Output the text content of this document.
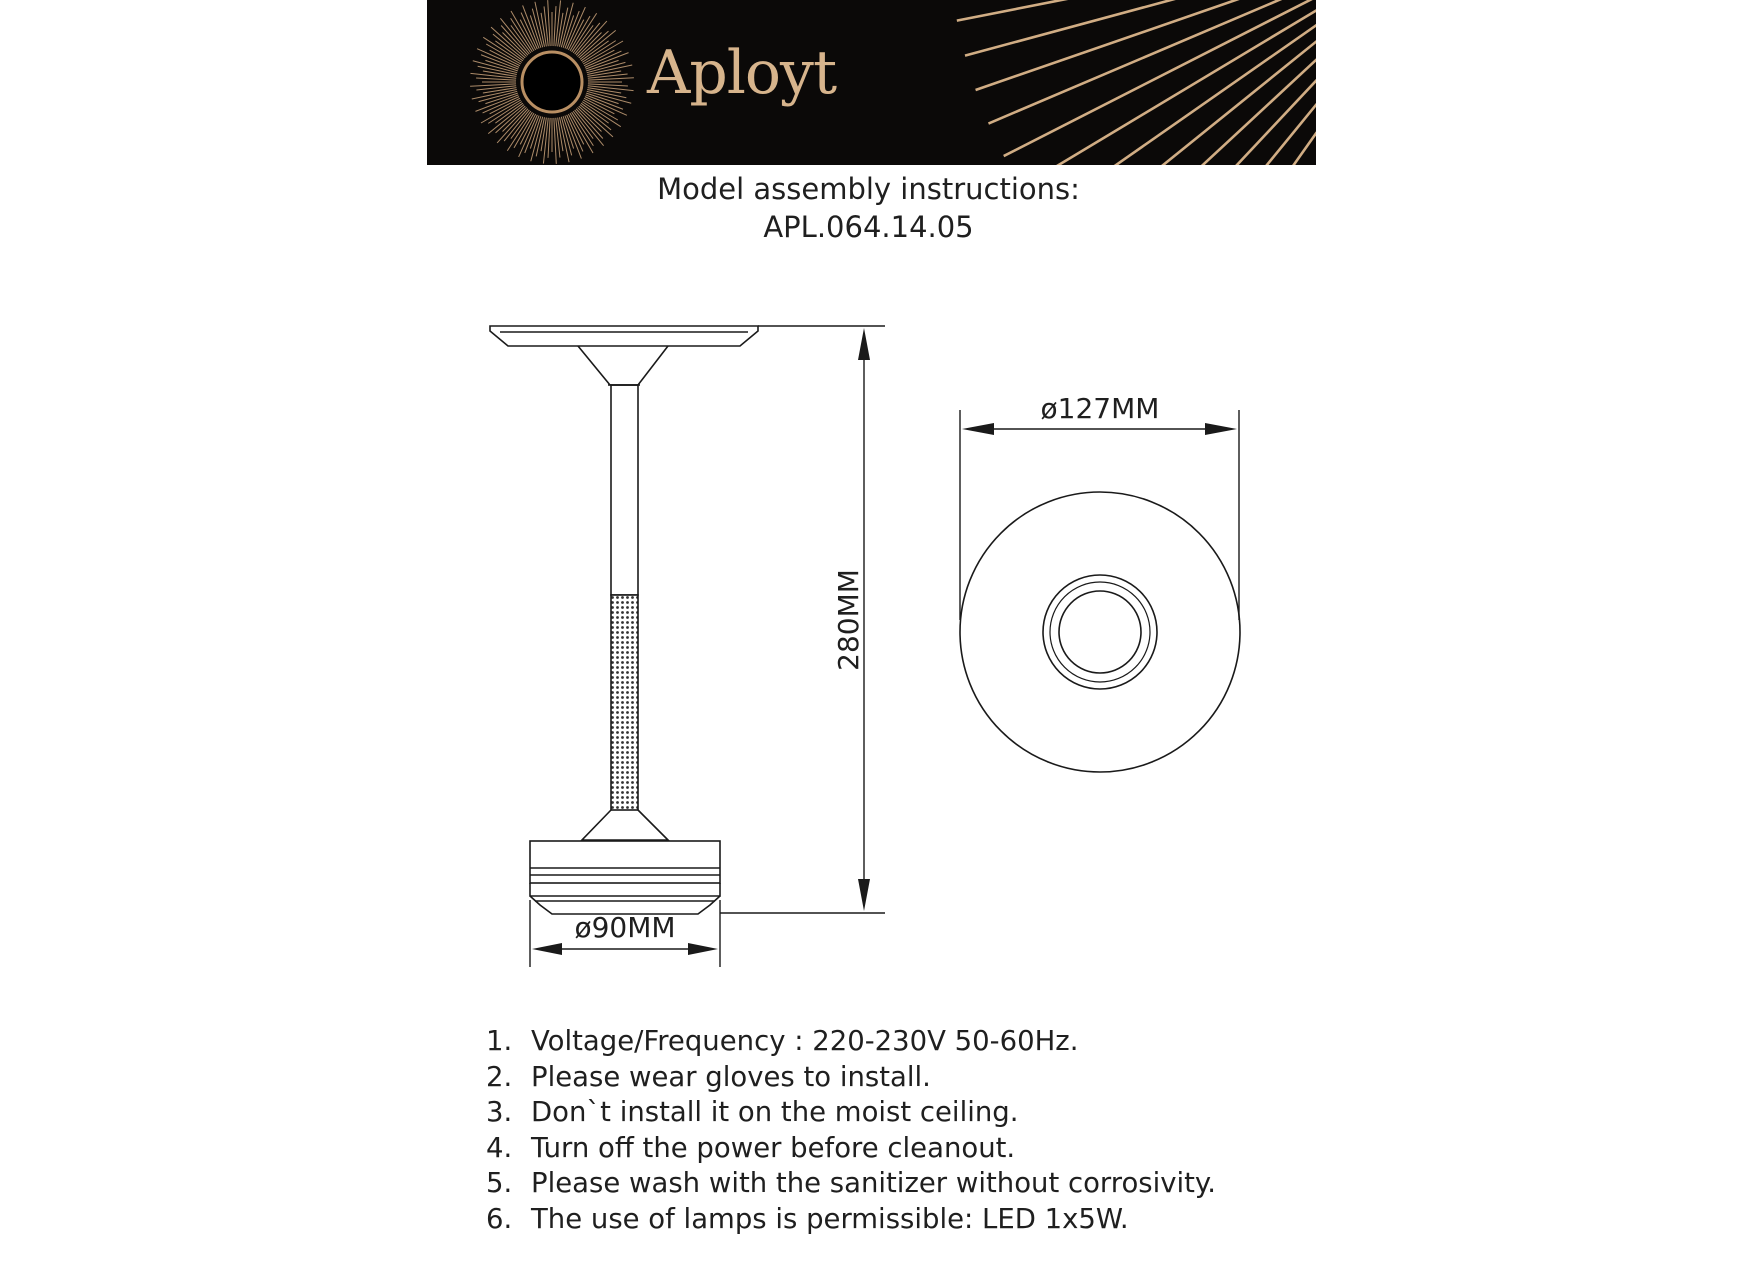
Aployt
Model assembly instructions:
APL.064.14.05
280MM
ø90MM
ø127MM
1. Voltage/Frequency : 220-230V 50-60Hz.
2. Please wear gloves to install.
3. Don`t install it on the moist ceiling.
4. Turn off the power before cleanout.
5. Please wash with the sanitizer without corrosivity.
6. The use of lamps is permissible: LED 1x5W.
